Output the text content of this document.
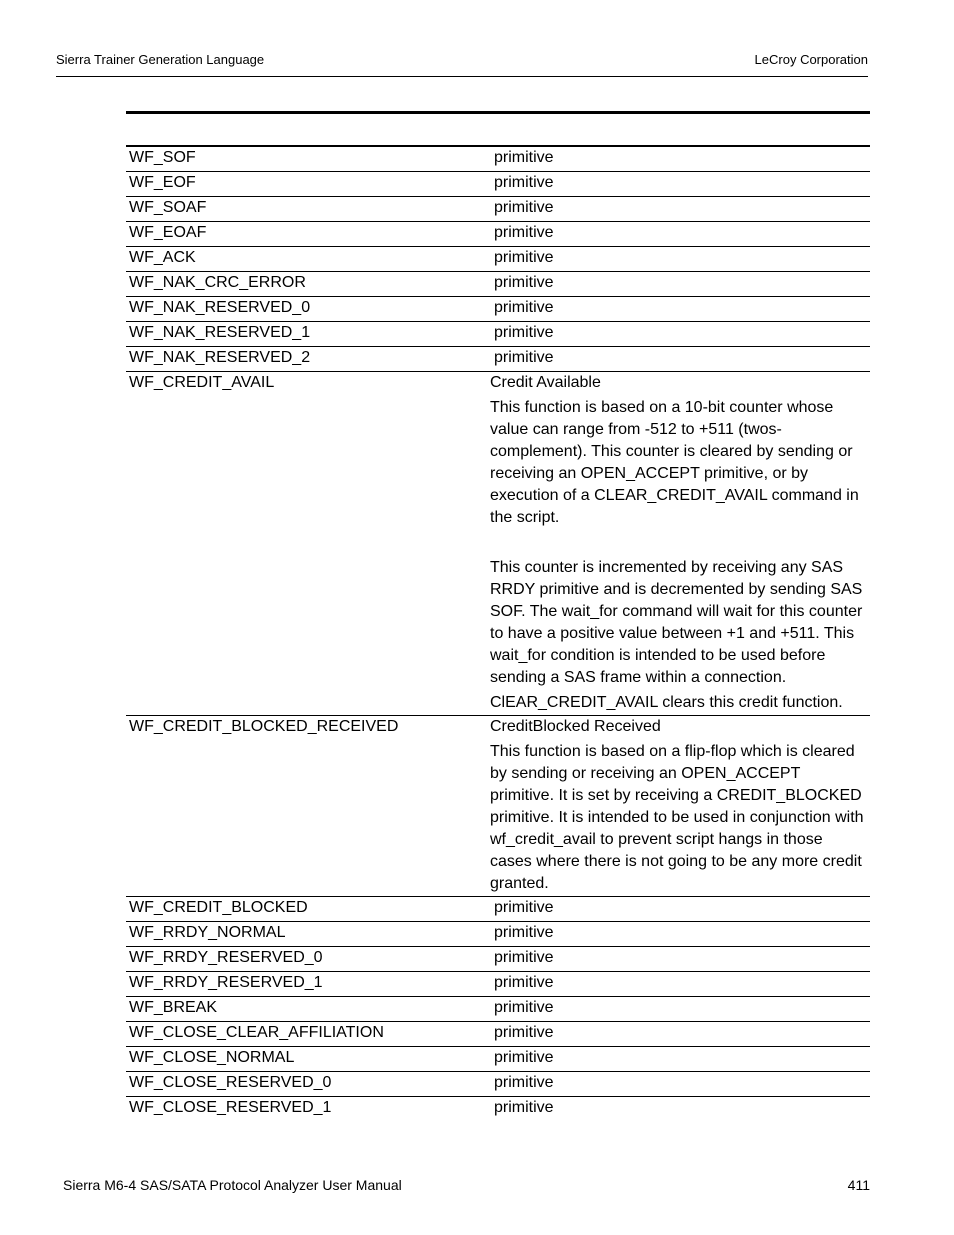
Sierra Trainer Generation Language	LeCroy Corporation
WF_SOF	primitive
WF_EOF	primitive
WF_SOAF	primitive
WF_EOAF	primitive
WF_ACK	primitive
WF_NAK_CRC_ERROR	primitive
WF_NAK_RESERVED_0	primitive
WF_NAK_RESERVED_1	primitive
WF_NAK_RESERVED_2	primitive
WF_CREDIT_AVAIL	Credit Available

This function is based on a 10-bit counter whose value can range from -512 to +511 (twos-complement). This counter is cleared by sending or receiving an OPEN_ACCEPT primitive, or by execution of a CLEAR_CREDIT_AVAIL command in the script.

This counter is incremented by receiving any SAS RRDY primitive and is decremented by sending SAS SOF. The wait_for command will wait for this counter to have a positive value between +1 and +511. This wait_for condition is intended to be used before sending a SAS frame within a connection.

ClEAR_CREDIT_AVAIL clears this credit function.

WF_CREDIT_BLOCKED_RECEIVED	CreditBlocked Received

This function is based on a flip-flop which is cleared by sending or receiving an OPEN_ACCEPT primitive. It is set by receiving a CREDIT_BLOCKED primitive. It is intended to be used in conjunction with wf_credit_avail to prevent script hangs in those cases where there is not going to be any more credit granted.

WF_CREDIT_BLOCKED	primitive
WF_RRDY_NORMAL	primitive
WF_RRDY_RESERVED_0	primitive
WF_RRDY_RESERVED_1	primitive
WF_BREAK	primitive
WF_CLOSE_CLEAR_AFFILIATION	primitive
WF_CLOSE_NORMAL	primitive
WF_CLOSE_RESERVED_0	primitive
WF_CLOSE_RESERVED_1	primitive
Sierra M6-4 SAS/SATA Protocol Analyzer User Manual	411
